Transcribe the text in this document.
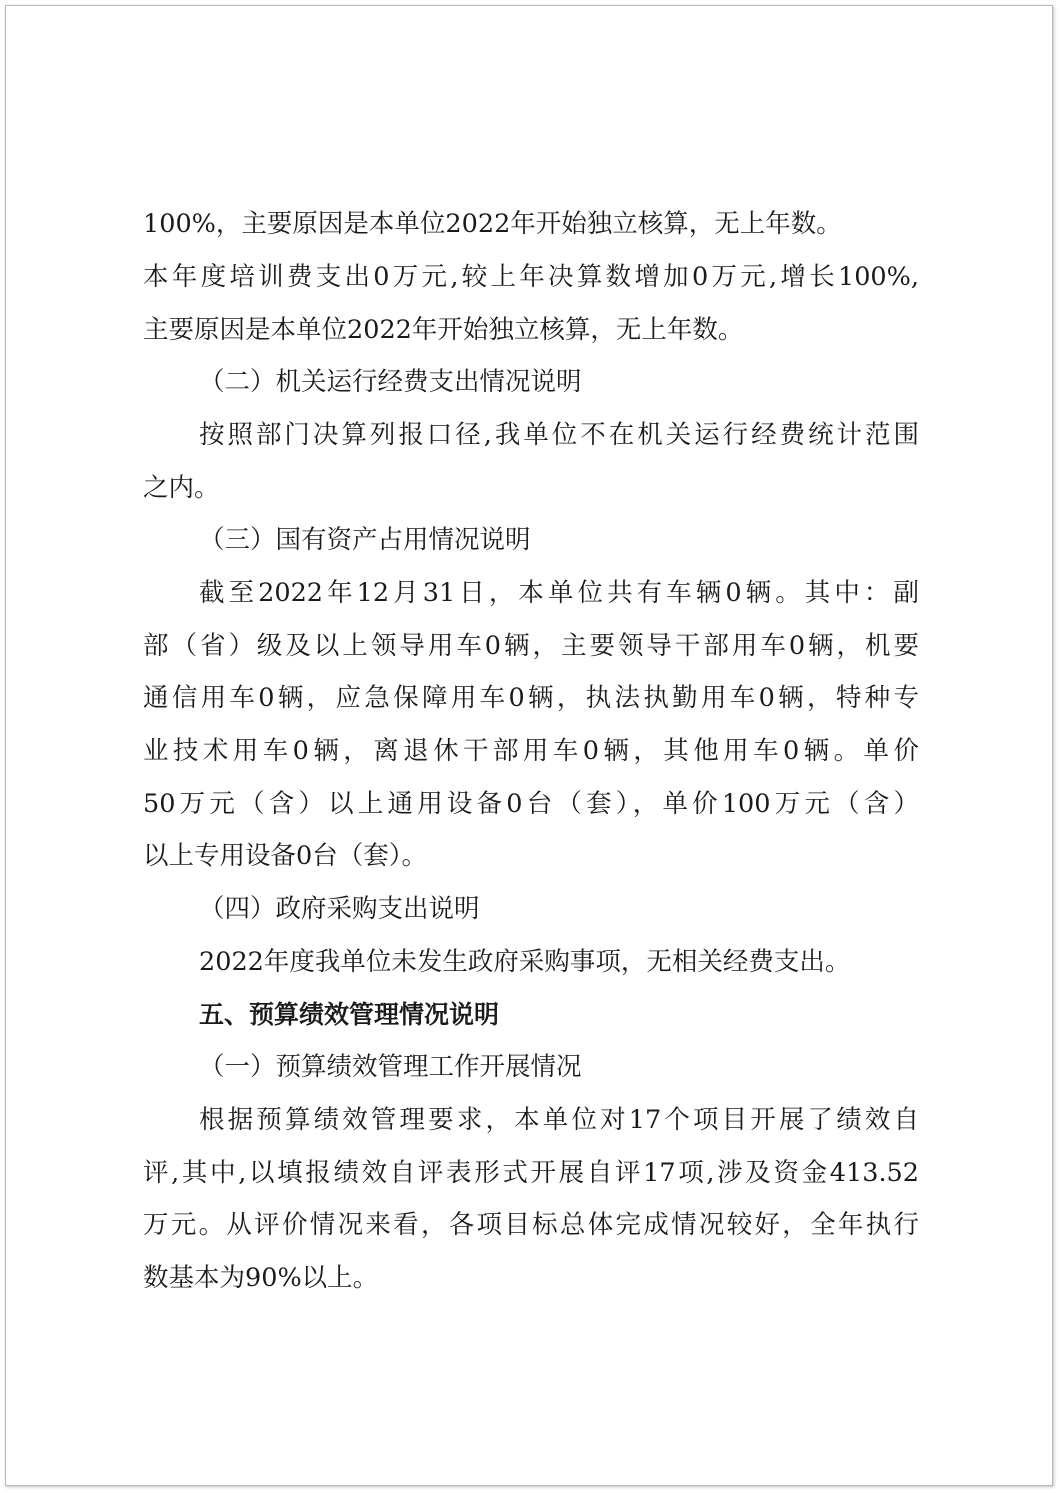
100%，主要原因是本单位2022年开始独立核算，无上年数。
本年度培训费支出0万元,较上年决算数增加0万元,增长100%,
主要原因是本单位2022年开始独立核算，无上年数。
（二）机关运行经费支出情况说明
按照部门决算列报口径,我单位不在机关运行经费统计范围
之内。
（三）国有资产占用情况说明
截至2022年12月31日，本单位共有车辆0辆。其中：副
部（省）级及以上领导用车0辆，主要领导干部用车0辆，机要
通信用车0辆，应急保障用车0辆，执法执勤用车0辆，特种专
业技术用车0辆，离退休干部用车0辆，其他用车0辆。单价
50万元（含）以上通用设备0台（套），单价100万元（含）
以上专用设备0台（套）。
（四）政府采购支出说明
2022年度我单位未发生政府采购事项，无相关经费支出。
五、预算绩效管理情况说明
（一）预算绩效管理工作开展情况
根据预算绩效管理要求，本单位对17个项目开展了绩效自
评,其中,以填报绩效自评表形式开展自评17项,涉及资金413.52
万元。从评价情况来看，各项目标总体完成情况较好，全年执行
数基本为90%以上。
